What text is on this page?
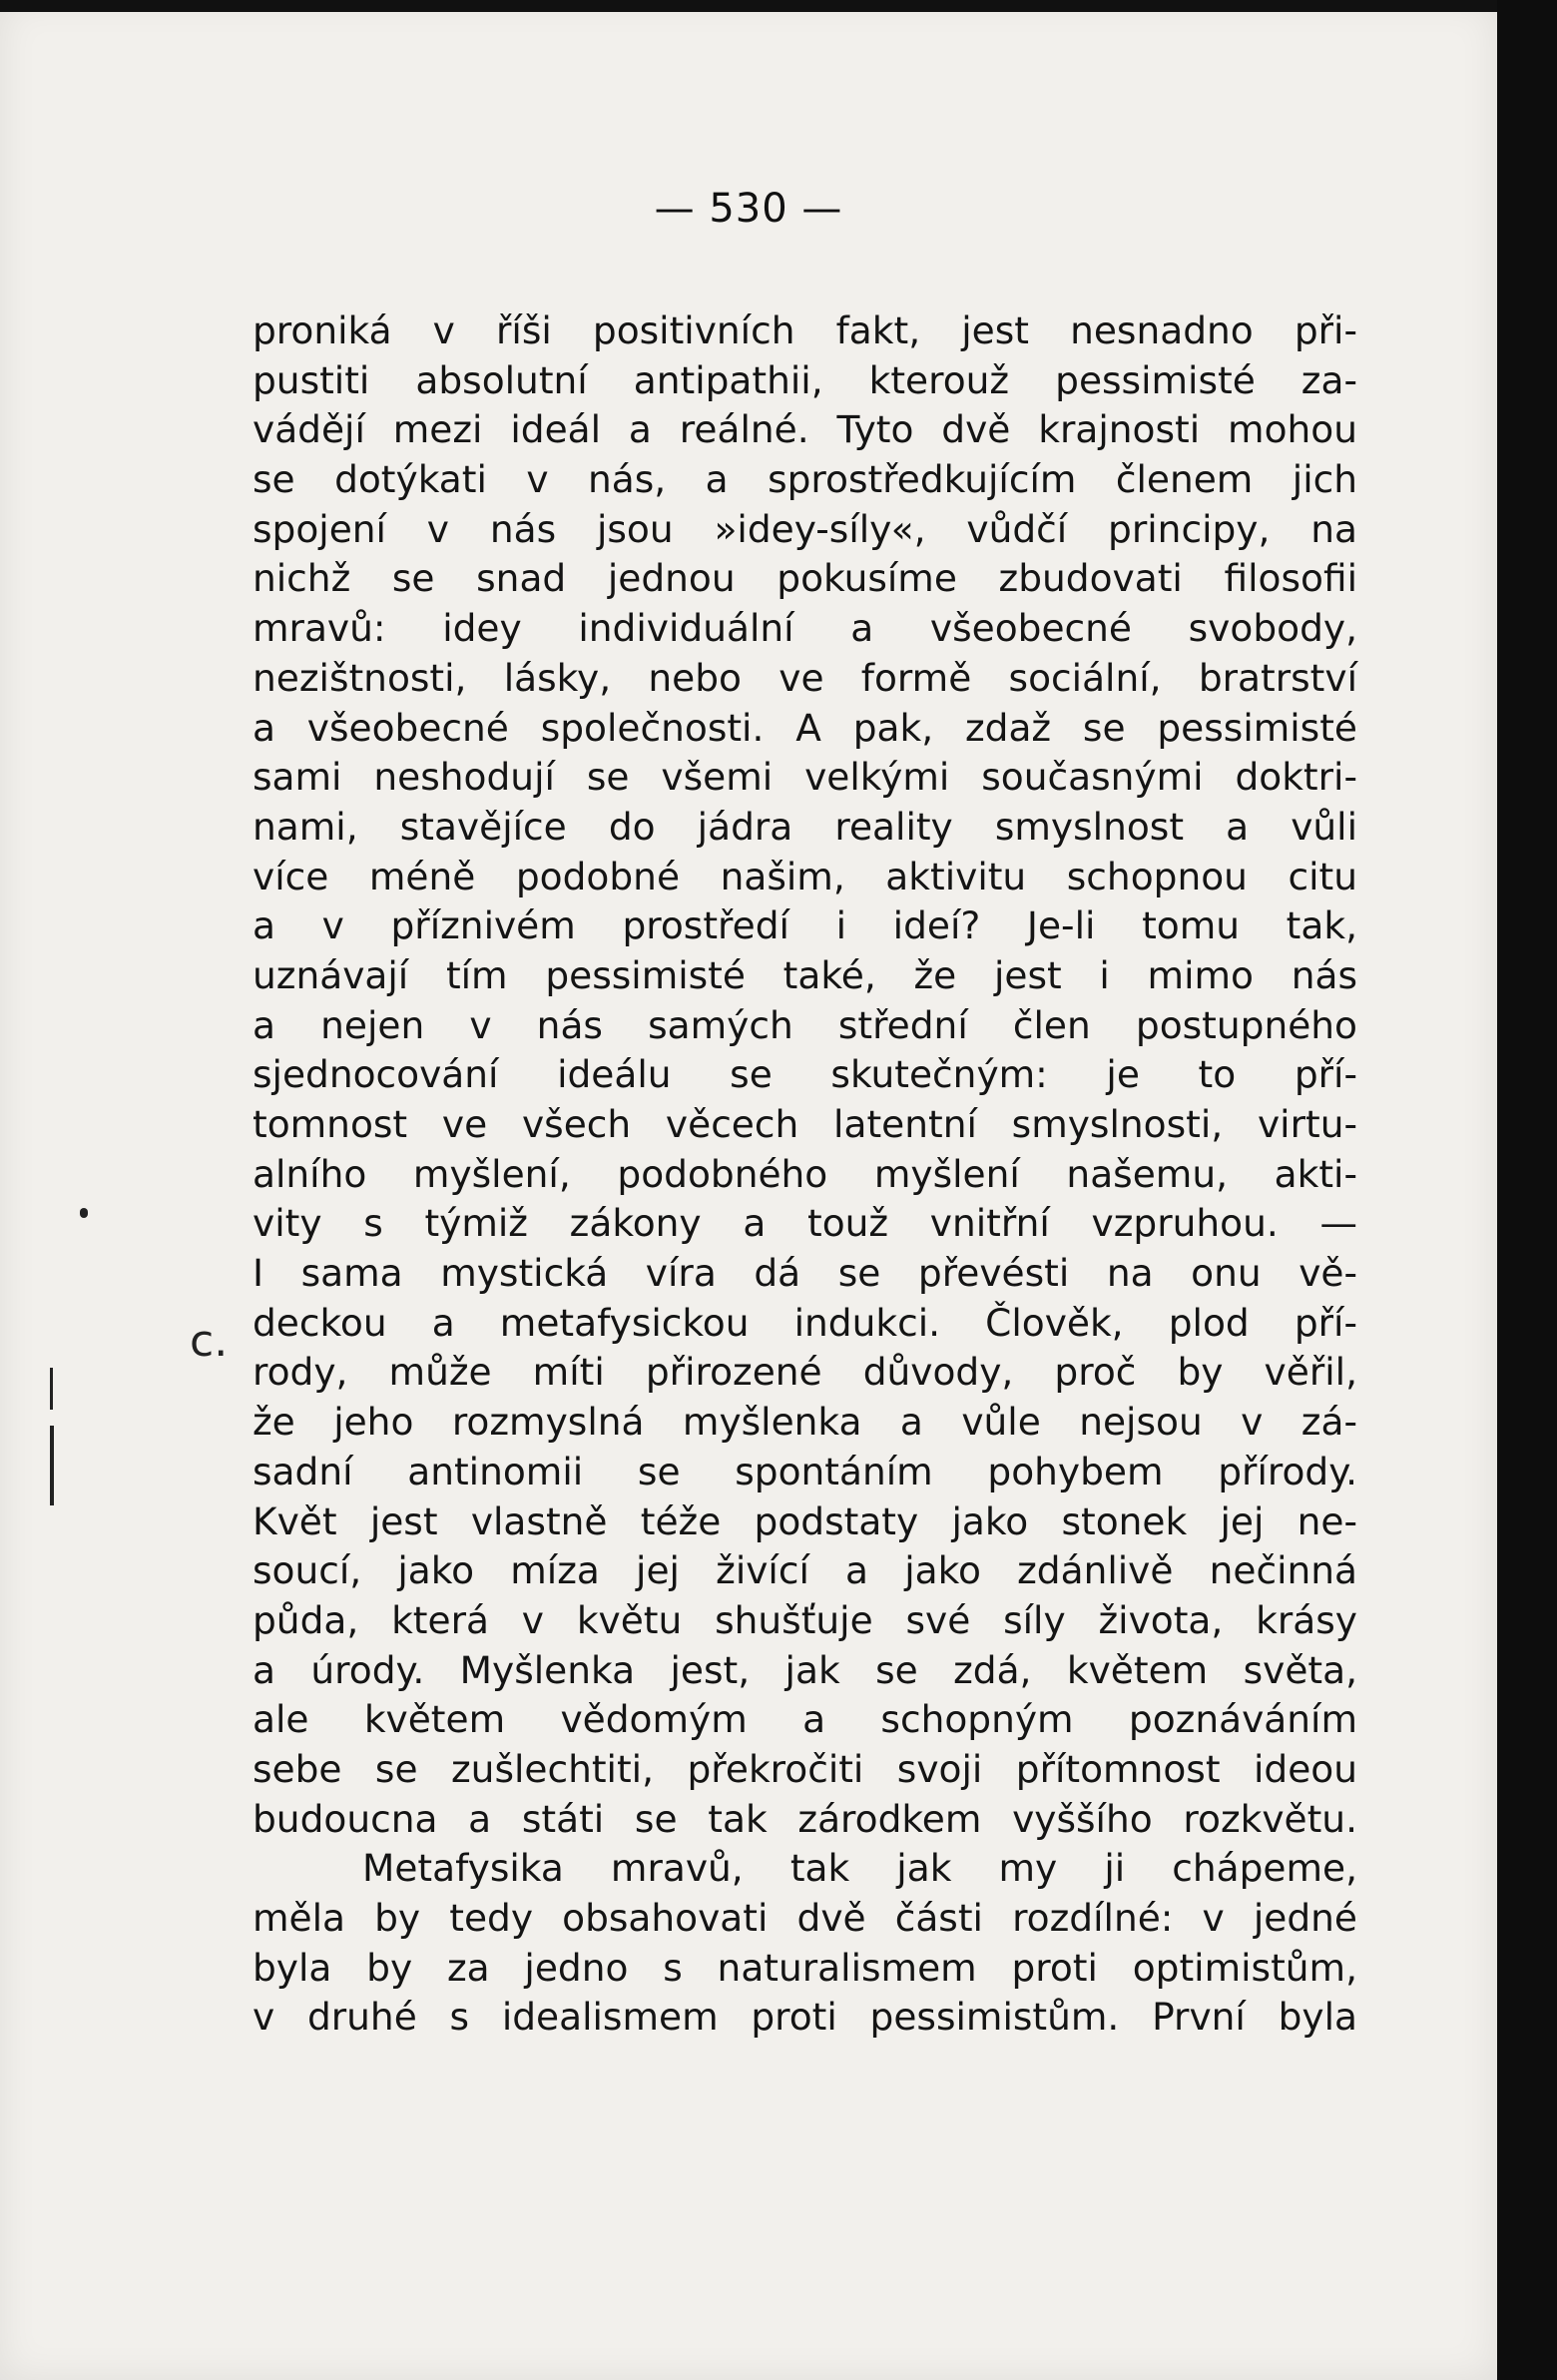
— 530 —
c.
proniká v říši positivních fakt, jest nesnadno při-
pustiti absolutní antipathii, kterouž pessimisté za-
vádějí mezi ideál a reálné. Tyto dvě krajnosti mohou
se dotýkati v nás, a sprostředkujícím členem jich
spojení v nás jsou »idey-síly«, vůdčí principy, na
nichž se snad jednou pokusíme zbudovati filosofii
mravů: idey individuální a všeobecné svobody,
nezištnosti, lásky, nebo ve formě sociální, bratrství
a všeobecné společnosti. A pak, zdaž se pessimisté
sami neshodují se všemi velkými současnými doktri-
nami, stavějíce do jádra reality smyslnost a vůli
více méně podobné našim, aktivitu schopnou citu
a v příznivém prostředí i ideí? Je-li tomu tak,
uznávají tím pessimisté také, že jest i mimo nás
a nejen v nás samých střední člen postupného
sjednocování ideálu se skutečným: je to pří-
tomnost ve všech věcech latentní smyslnosti, virtu-
alního myšlení, podobného myšlení našemu, akti-
vity s týmiž zákony a touž vnitřní vzpruhou. —
I sama mystická víra dá se převésti na onu vě-
deckou a metafysickou indukci. Člověk, plod pří-
rody, může míti přirozené důvody, proč by věřil,
že jeho rozmyslná myšlenka a vůle nejsou v zá-
sadní antinomii se spontáním pohybem přírody.
Květ jest vlastně téže podstaty jako stonek jej ne-
soucí, jako míza jej živící a jako zdánlivě nečinná
půda, která v květu shušťuje své síly života, krásy
a úrody. Myšlenka jest, jak se zdá, květem světa,
ale květem vědomým a schopným poznáváním
sebe se zušlechtiti, překročiti svoji přítomnost ideou
budoucna a státi se tak zárodkem vyššího rozkvětu.
Metafysika mravů, tak jak my ji chápeme,
měla by tedy obsahovati dvě části rozdílné: v jedné
byla by za jedno s naturalismem proti optimistům,
v druhé s idealismem proti pessimistům. První byla
